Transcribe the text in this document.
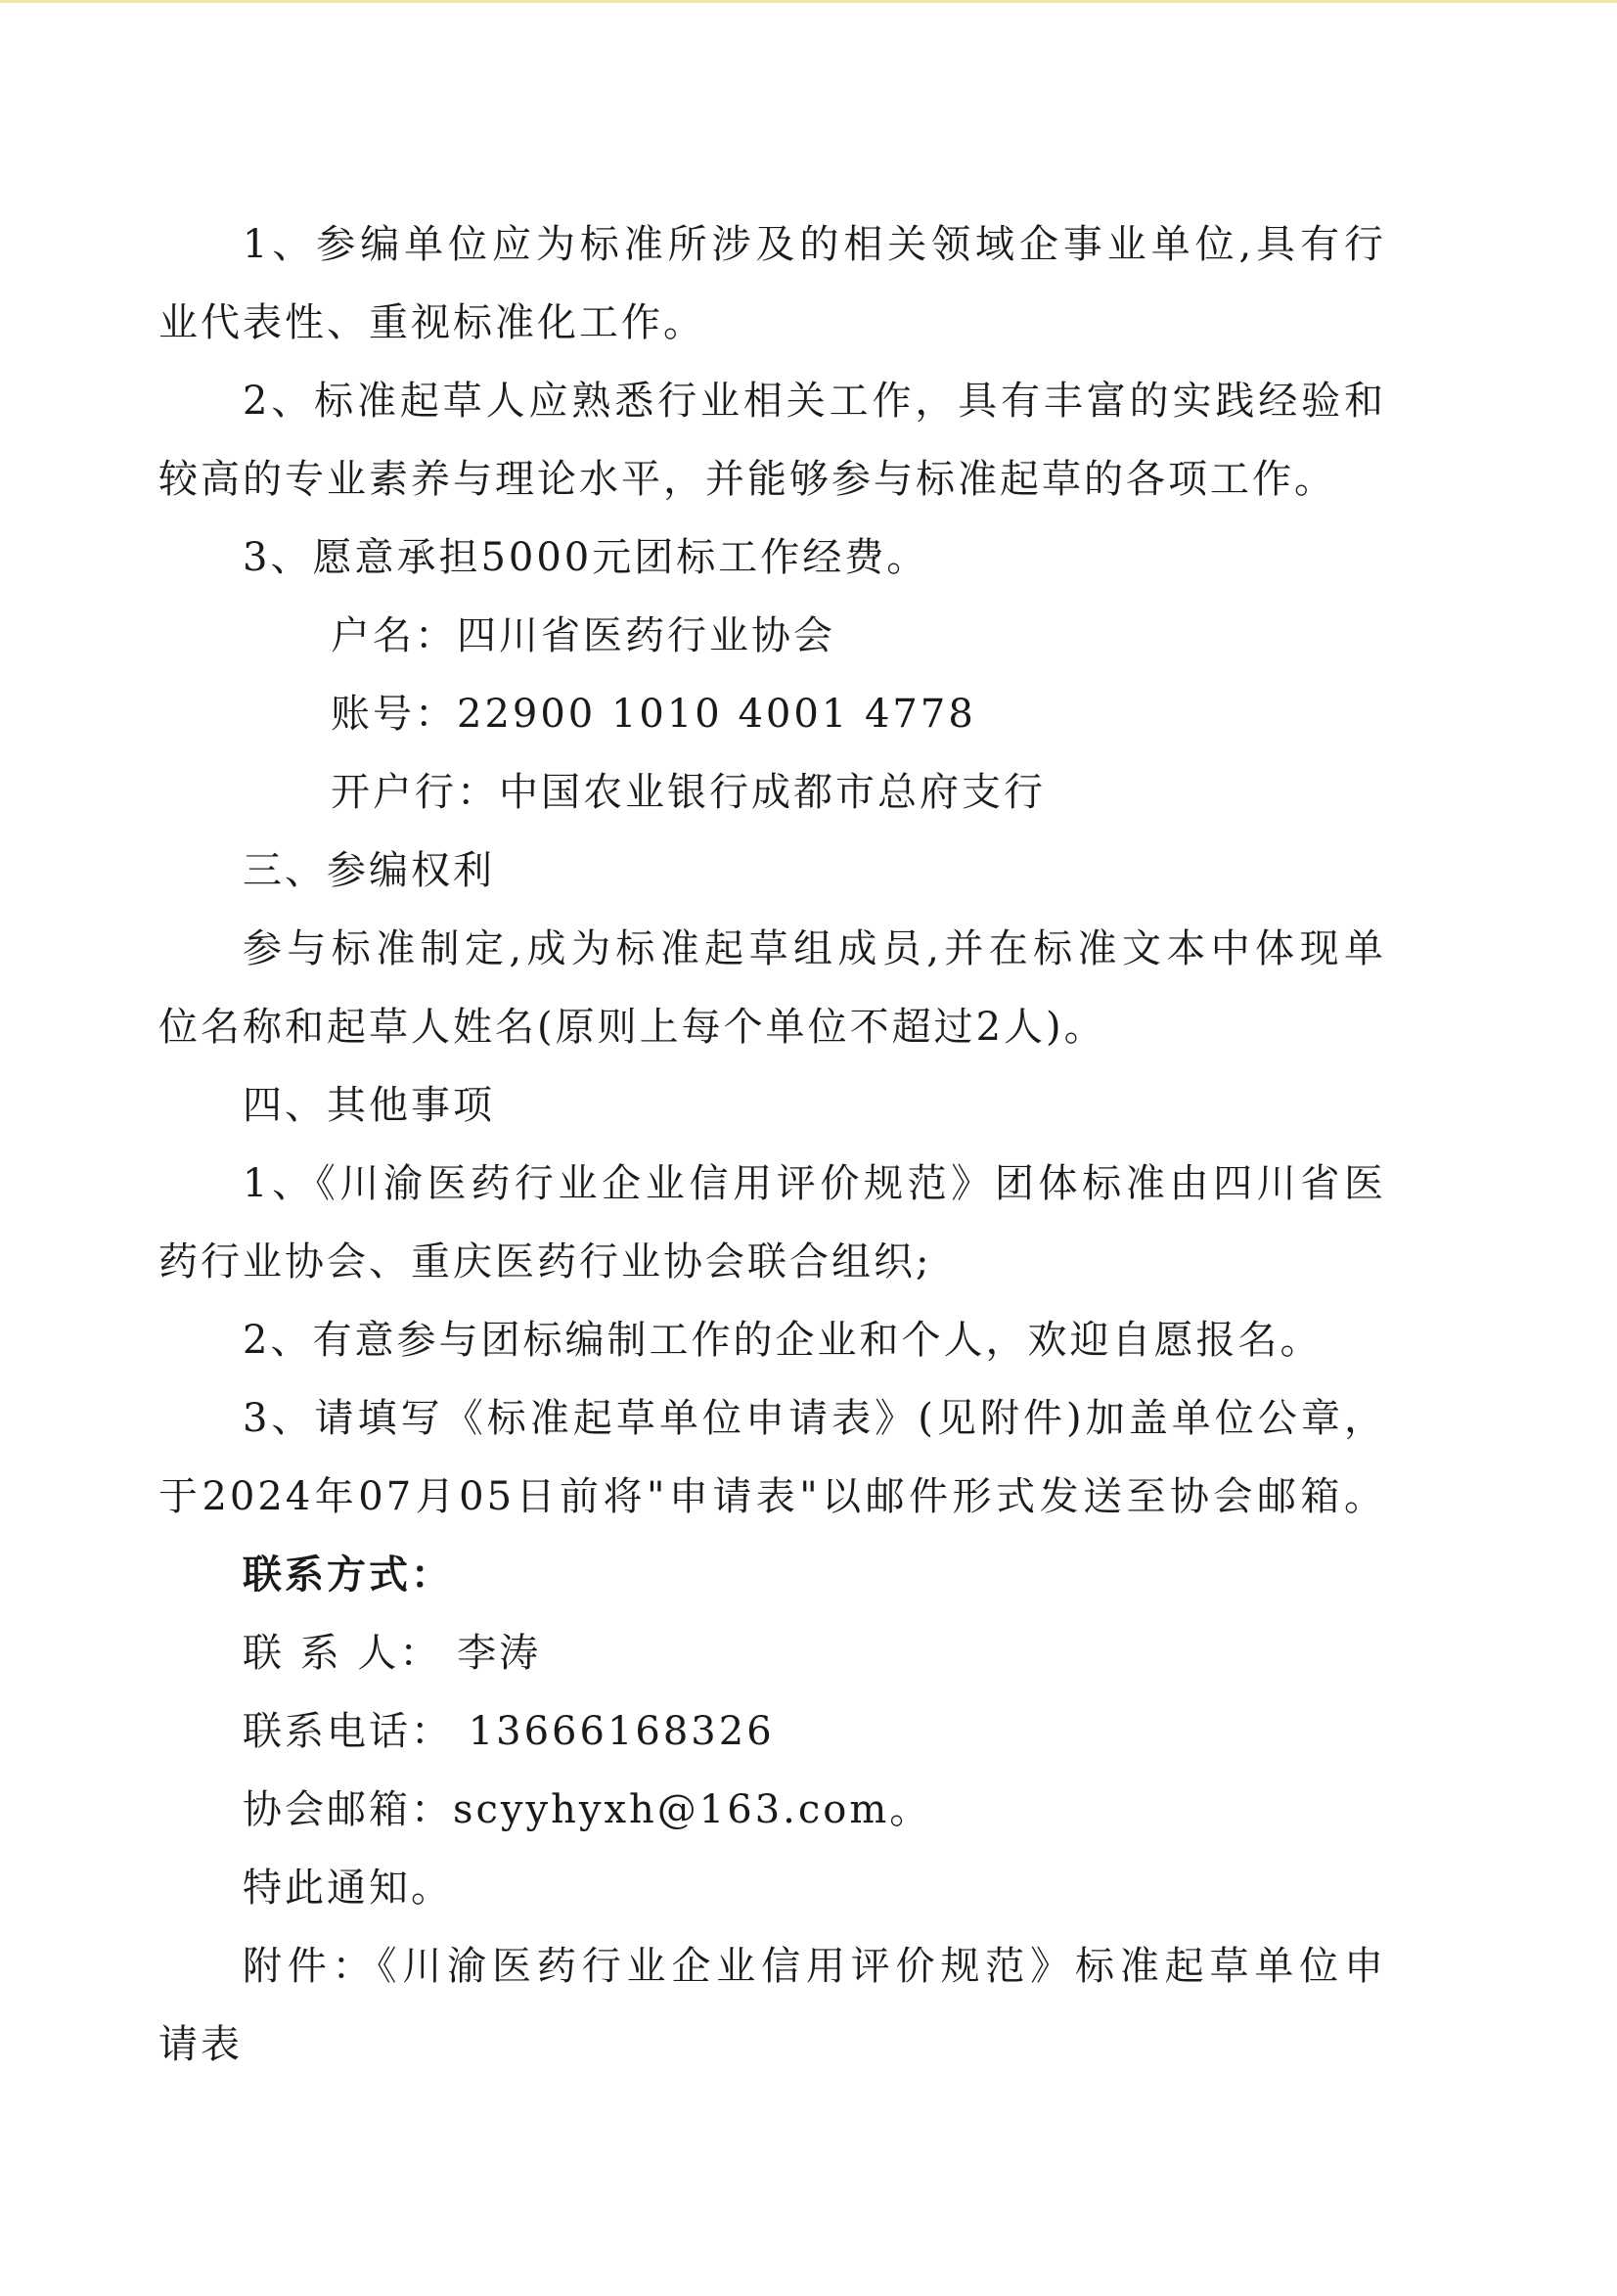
1、参编单位应为标准所涉及的相关领域企事业单位,具有行

业代表性、重视标准化工作。

2、标准起草人应熟悉行业相关工作，具有丰富的实践经验和

较高的专业素养与理论水平，并能够参与标准起草的各项工作。

3、愿意承担5000元团标工作经费。

户名：四川省医药行业协会

账号：22900 1010 4001 4778

开户行：中国农业银行成都市总府支行

三、参编权利

参与标准制定,成为标准起草组成员,并在标准文本中体现单

位名称和起草人姓名(原则上每个单位不超过2人)。

四、其他事项

1、《川渝医药行业企业信用评价规范》团体标准由四川省医

药行业协会、重庆医药行业协会联合组织;

2、有意参与团标编制工作的企业和个人，欢迎自愿报名。

3、请填写《标准起草单位申请表》(见附件)加盖单位公章，

于2024年07月05日前将"申请表"以邮件形式发送至协会邮箱。

联系方式：

联 系 人： 李涛

联系电话： 13666168326

协会邮箱：scyyhyxh@163.com。

特此通知。

附件：《川渝医药行业企业信用评价规范》标准起草单位申

请表
